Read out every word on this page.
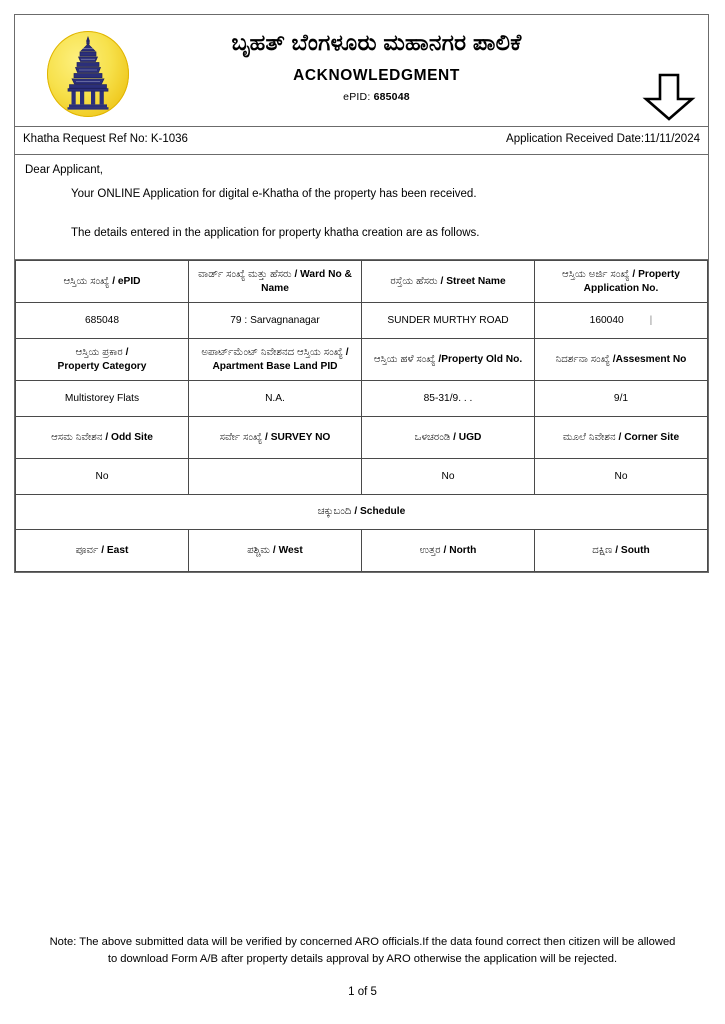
ಬೃಹತ್ ಬೆಂಗಳೂರು ಮಹಾನಗರ ಪಾಲಿಕೆ
ACKNOWLEDGMENT
ePID: 685048
Khatha Request Ref No: K-1036	Application Received Date:11/11/2024
Dear Applicant,
Your ONLINE Application for digital e-Khatha of the property has been received.
The details entered in the application for property khatha creation are as follows.
ಆಸ್ತಿಯ ಸಂಖ್ಯೆ / ePID	ವಾರ್ಡ್ ಸಂಖ್ಯೆ ಮತ್ತು ಹೆಸರು / Ward No & Name	ರಸ್ತೆಯ ಹೆಸರು / Street Name	ಆಸ್ತಿಯ ಅರ್ಜಿ ಸಂಖ್ಯೆ / Property Application No.
685048	79 : Sarvagnanagar	SUNDER MURTHY ROAD	160040 |
ಆಸ್ತಿಯ ಪ್ರಕಾರ /
Property Category	ಅಪಾರ್ಟ್‌ಮೆಂಟ್ ನಿವೇಶನದ ಆಸ್ತಿಯ ಸಂಖ್ಯೆ /
Apartment Base Land PID	ಆಸ್ತಿಯ ಹಳೆ ಸಂಖ್ಯೆ /Property Old No.	ನಿದರ್ಶನಾ ಸಂಖ್ಯೆ /Assesment No
Multistorey Flats	N.A.	85-31/9. . .	9/1
ಆಸಮ ನಿವೇಶನ / Odd Site	ಸರ್ವೇ ಸಂಖ್ಯೆ / SURVEY NO	ಒಳಚರಂಡಿ / UGD	ಮೂಲೆ ನಿವೇಶನ / Corner Site
No		No	No
ಚಕ್ಕುಬಂದಿ / Schedule			
ಪೂರ್ವ / East	ಪಶ್ಚಿಮ / West	ಉತ್ತರ / North	ದಕ್ಷಿಣ / South
Note: The above submitted data will be verified by concerned ARO officials.If the data found correct then citizen will be allowed
to download Form A/B after property details approval by ARO otherwise the application will be rejected.
1 of 5
